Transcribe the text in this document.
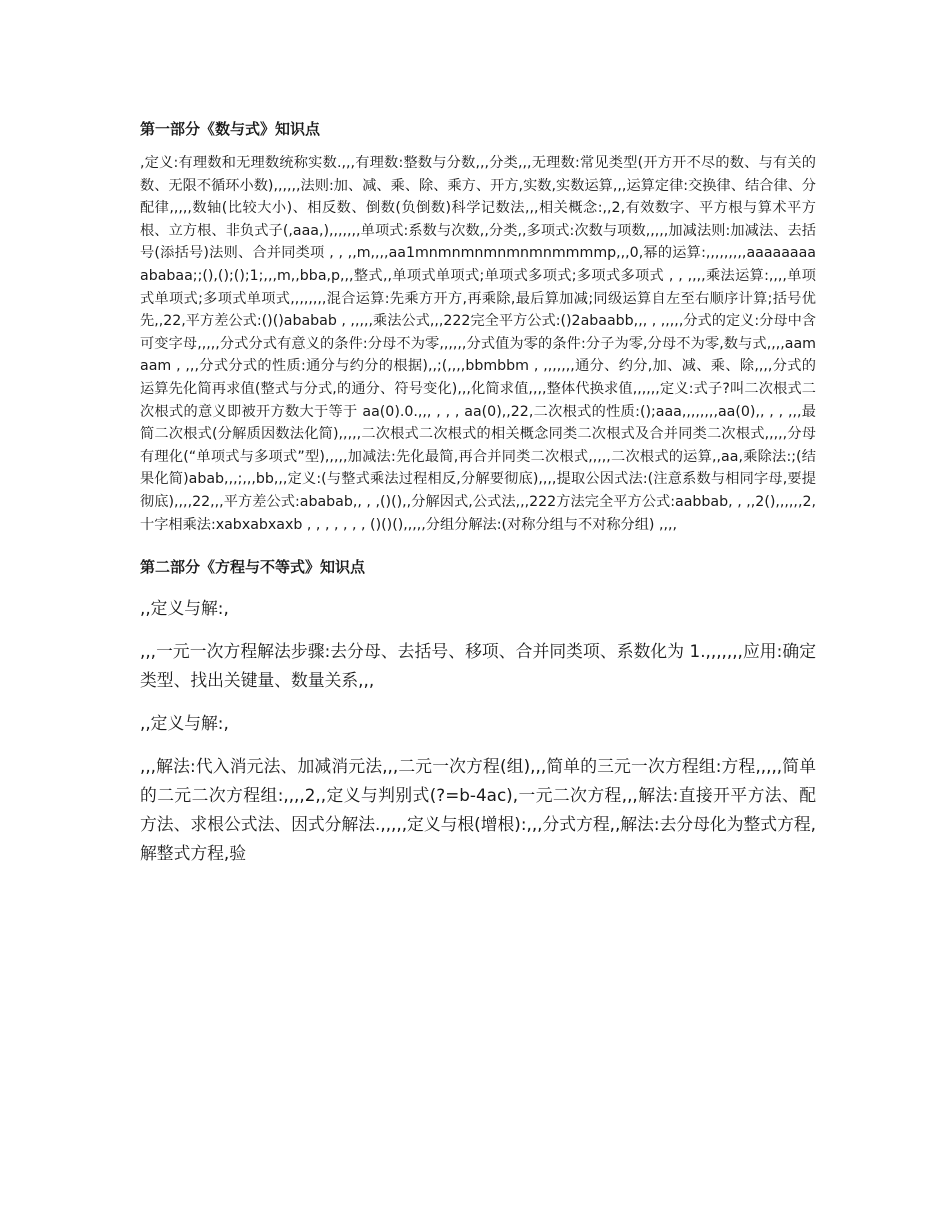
第一部分《数与式》知识点

,定义:有理数和无理数统称实数.,,,有理数:整数与分数,,,分类,,,无理数:常见类型(开方开不尽的数、与有关的数、无限不循环小数),,,,,,法则:加、减、乘、除、乘方、开方,实数,实数运算,,,运算定律:交换律、结合律、分配律,,,,,数轴(比较大小)、相反数、倒数(负倒数)科学记数法,,,相关概念:,,2,有效数字、平方根与算术平方根、立方根、非负式子(,aaa,),,,,,,,单项式:系数与次数,,分类,,多项式:次数与项数,,,,,加减法则:加减法、去括号(添括号)法则、合并同类项 , , ,,m,,,,aa1mnmnmnmnmnmnmmmmp,,,0,幂的运算:,,,,,,,,,aaaaaaaaababaa;;(),();();1;,,,m,,bba,p,,,整式,,单项式单项式;单项式多项式;多项式多项式 , , ,,,,乘法运算:,,,,单项式单项式;多项式单项式,,,,,,,,混合运算:先乘方开方,再乘除,最后算加减;同级运算自左至右顺序计算;括号优先,,22,平方差公式:()()ababab , ,,,,,乘法公式,,,222完全平方公式:()2abaabb,,, , ,,,,,分式的定义:分母中含可变字母,,,,,分式分式有意义的条件:分母不为零,,,,,,分式值为零的条件:分子为零,分母不为零,数与式,,,,aamaam , ,,,分式分式的性质:通分与约分的根据),,;(,,,,bbmbbm , ,,,,,,,通分、约分,加、减、乘、除,,,,分式的运算先化简再求值(整式与分式,的通分、符号变化),,,化简求值,,,,整体代换求值,,,,,,定义:式子?叫二次根式二次根式的意义即被开方数大于等于 aa(0).0.,,, , , , aa(0),,22,二次根式的性质:();aaa,,,,,,,,aa(0),, , , ,,,最简二次根式(分解质因数法化简),,,,,二次根式二次根式的相关概念同类二次根式及合并同类二次根式,,,,,分母有理化(“单项式与多项式”型),,,,,加减法:先化最简,再合并同类二次根式,,,,,二次根式的运算,,aa,乘除法:;(结果化简)abab,,,;,,,bb,,,定义:(与整式乘法过程相反,分解要彻底),,,,提取公因式法:(注意系数与相同字母,要提彻底),,,,22,,,平方差公式:ababab,, , ,()(),,分解因式,公式法,,,222方法完全平方公式:aabbab, , ,,2(),,,,,,2,十字相乘法:xabxabxaxb , , , , , , , ()()(),,,,,分组分解法:(对称分组与不对称分组) ,,,,

第二部分《方程与不等式》知识点

,,定义与解:,

,,,一元一次方程解法步骤:去分母、去括号、移项、合并同类项、系数化为 1.,,,,,,,应用:确定类型、找出关键量、数量关系,,,

,,定义与解:,

,,,解法:代入消元法、加减消元法,,,二元一次方程(组),,,简单的三元一次方程组:方程,,,,,简单的二元二次方程组:,,,,2,,定义与判别式(?=b-4ac),一元二次方程,,,解法:直接开平方法、配方法、求根公式法、因式分解法.,,,,,定义与根(增根):,,,分式方程,,解法:去分母化为整式方程,解整式方程,验
